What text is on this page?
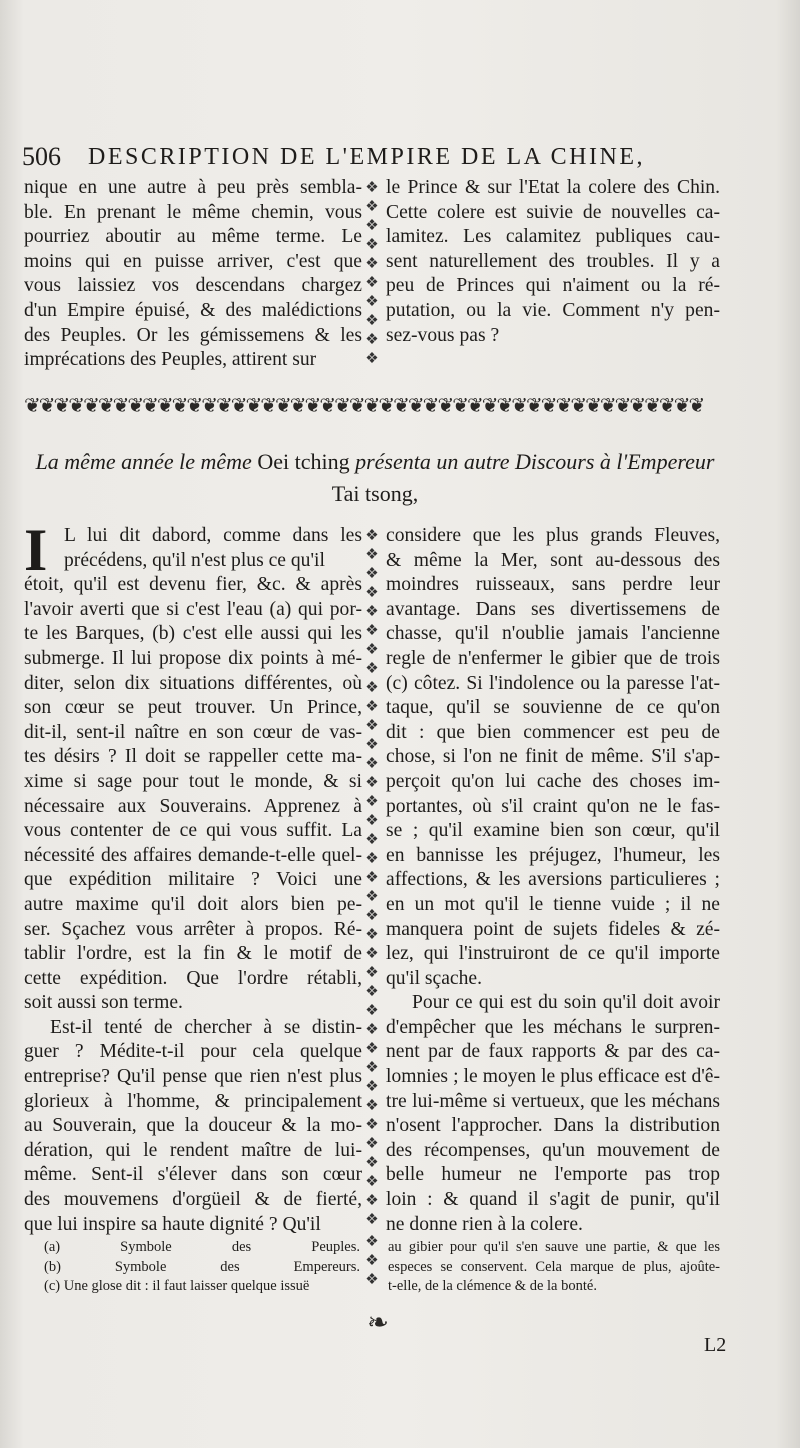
506 DESCRIPTION DE L'EMPIRE DE LA CHINE,
nique en une autre à peu près sembla-
ble. En prenant le même chemin, vous
pourriez aboutir au même terme. Le
moins qui en puisse arriver, c'est que
vous laissiez vos descendans chargez
d'un Empire épuisé, & des malédictions
des Peuples. Or les gémissemens & les
imprécations des Peuples, attirent sur
❖
❖
❖
❖
❖
❖
❖
❖
❖
❖
le Prince & sur l'Etat la colere des Chin.
Cette colere est suivie de nouvelles ca-
lamitez. Les calamitez publiques cau-
sent naturellement des troubles. Il y a
peu de Princes qui n'aiment ou la ré-
putation, ou la vie. Comment n'y pen-
sez-vous pas ?
❦❦❦❦❦❦❦❦❦❦❦❦❦❦❦❦❦❦❦❦❦❦❦❦❦❦❦❦❦❦❦❦❦❦❦❦❦❦❦❦❦❦❦❦❦❦
La même année le même Oei tching présenta un autre Discours à l'Empereur
Tai tsong,
I L lui dit dabord, comme dans les
précédens, qu'il n'est plus ce qu'il
étoit, qu'il est devenu fier, &c. & après
l'avoir averti que si c'est l'eau (a) qui por-
te les Barques, (b) c'est elle aussi qui les
submerge. Il lui propose dix points à mé-
diter, selon dix situations différentes, où
son cœur se peut trouver. Un Prince,
dit-il, sent-il naître en son cœur de vas-
tes désirs ? Il doit se rappeller cette ma-
xime si sage pour tout le monde, & si
nécessaire aux Souverains. Apprenez à
vous contenter de ce qui vous suffit. La
nécessité des affaires demande-t-elle quel-
que expédition militaire ? Voici une
autre maxime qu'il doit alors bien pe-
ser. Sçachez vous arrêter à propos. Ré-
tablir l'ordre, est la fin & le motif de
cette expédition. Que l'ordre rétabli,
soit aussi son terme.
Est-il tenté de chercher à se distin-
guer ? Médite-t-il pour cela quelque
entreprise? Qu'il pense que rien n'est plus
glorieux à l'homme, & principalement
au Souverain, que la douceur & la mo-
dération, qui le rendent maître de lui-
même. Sent-il s'élever dans son cœur
des mouvemens d'orgüeil & de fierté,
que lui inspire sa haute dignité ? Qu'il
❖
❖
❖
❖
❖
❖
❖
❖
❖
❖
❖
❖
❖
❖
❖
❖
❖
❖
❖
❖
❖
❖
❖
❖
❖
❖
❖
❖
❖
❖
❖
❖
❖
❖
❖
❖
❖
considere que les plus grands Fleuves,
& même la Mer, sont au-dessous des
moindres ruisseaux, sans perdre leur
avantage. Dans ses divertissemens de
chasse, qu'il n'oublie jamais l'ancienne
regle de n'enfermer le gibier que de trois
(c) côtez. Si l'indolence ou la paresse l'at-
taque, qu'il se souvienne de ce qu'on
dit : que bien commencer est peu de
chose, si l'on ne finit de même. S'il s'ap-
perçoit qu'on lui cache des choses im-
portantes, où s'il craint qu'on ne le fas-
se ; qu'il examine bien son cœur, qu'il
en bannisse les préjugez, l'humeur, les
affections, & les aversions particulieres ;
en un mot qu'il le tienne vuide ; il ne
manquera point de sujets fideles & zé-
lez, qui l'instruiront de ce qu'il importe
qu'il sçache.
Pour ce qui est du soin qu'il doit avoir
d'empêcher que les méchans le surpren-
nent par de faux rapports & par des ca-
lomnies ; le moyen le plus efficace est d'ê-
tre lui-même si vertueux, que les méchans
n'osent l'approcher. Dans la distribution
des récompenses, qu'un mouvement de
belle humeur ne l'emporte pas trop
loin : & quand il s'agit de punir, qu'il
ne donne rien à la colere.
(a) Symbole des Peuples.
(b) Symbole des Empereurs.
(c) Une glose dit : il faut laisser quelque issuë
❖
❖
❖
au gibier pour qu'il s'en sauve une partie, & que les
especes se conservent. Cela marque de plus, ajoûte-
t-elle, de la clémence & de la bonté.
❧
L2
